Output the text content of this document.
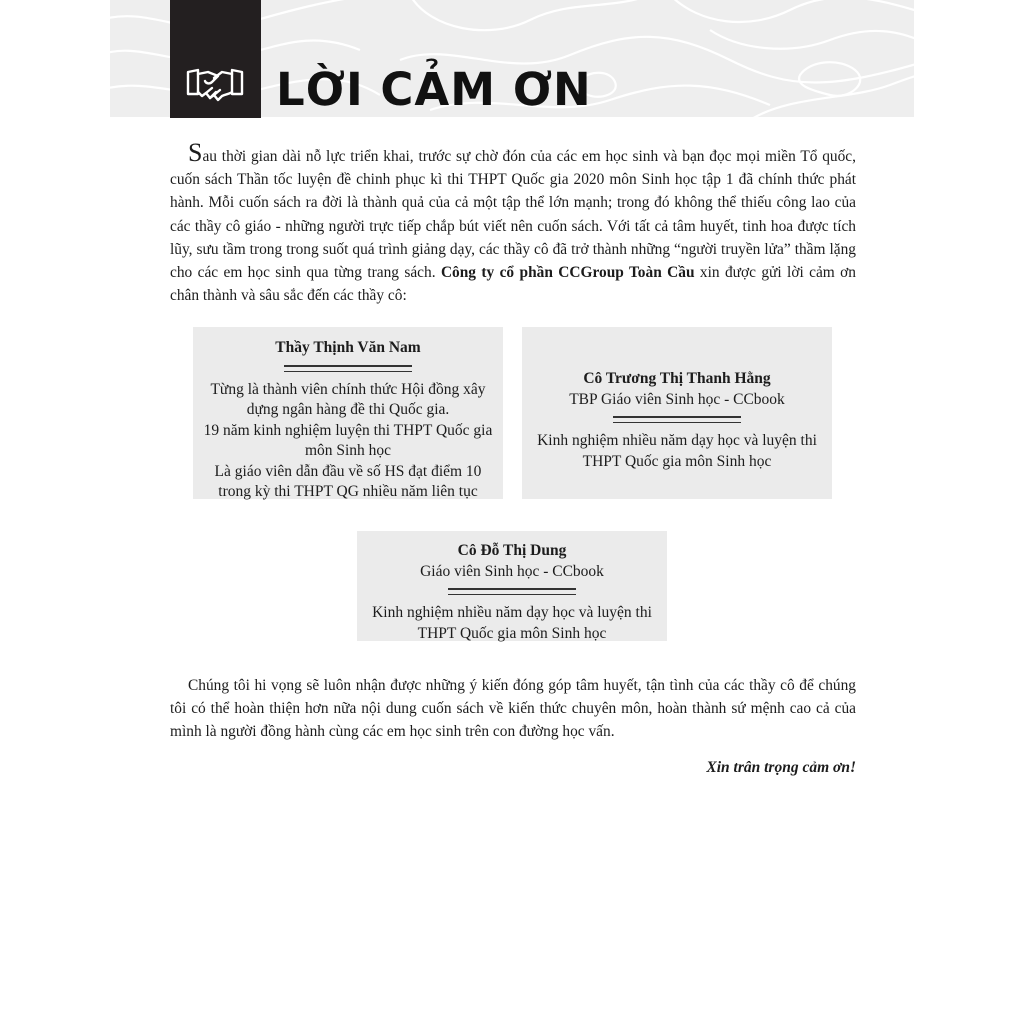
LỜI CẢM ƠN

Sau thời gian dài nỗ lực triển khai, trước sự chờ đón của các em học sinh và bạn đọc mọi miền Tổ quốc, cuốn sách Thần tốc luyện đề chinh phục kì thi THPT Quốc gia 2020 môn Sinh học tập 1 đã chính thức phát hành. Mỗi cuốn sách ra đời là thành quả của cả một tập thể lớn mạnh; trong đó không thể thiếu công lao của các thầy cô giáo - những người trực tiếp chắp bút viết nên cuốn sách. Với tất cả tâm huyết, tinh hoa được tích lũy, sưu tầm trong trong suốt quá trình giảng dạy, các thầy cô đã trở thành những “người truyền lửa” thầm lặng cho các em học sinh qua từng trang sách. Công ty cổ phần CCGroup Toàn Cầu xin được gửi lời cảm ơn chân thành và sâu sắc đến các thầy cô:

Thầy Thịnh Văn Nam
Từng là thành viên chính thức Hội đồng xây dựng ngân hàng đề thi Quốc gia.
19 năm kinh nghiệm luyện thi THPT Quốc gia môn Sinh học
Là giáo viên dẫn đầu về số HS đạt điểm 10 trong kỳ thi THPT QG nhiều năm liên tục
Cô Trương Thị Thanh Hằng
TBP Giáo viên Sinh học - CCbook
Kinh nghiệm nhiều năm dạy học và luyện thi THPT Quốc gia môn Sinh học
Cô Đỗ Thị Dung
Giáo viên Sinh học - CCbook
Kinh nghiệm nhiều năm dạy học và luyện thi THPT Quốc gia môn Sinh học

Chúng tôi hi vọng sẽ luôn nhận được những ý kiến đóng góp tâm huyết, tận tình của các thầy cô để chúng tôi có thể hoàn thiện hơn nữa nội dung cuốn sách về kiến thức chuyên môn, hoàn thành sứ mệnh cao cả của mình là người đồng hành cùng các em học sinh trên con đường học vấn.

Xin trân trọng cảm ơn!
